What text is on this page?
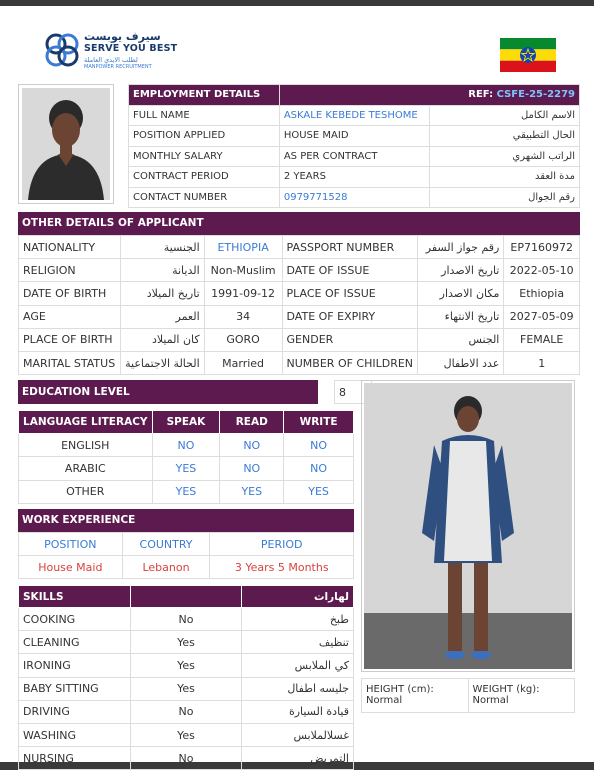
سيرف يوبست
SERVE YOU BEST
لطلب الايدي العاملة
MANPOWER RECRUITMENT
EMPLOYMENT DETAILS	REF: CSFE-25-2279	
FULL NAME	ASKALE KEBEDE TESHOME	الاسم الكامل
POSITION APPLIED	HOUSE MAID	الحال التطبيقي
MONTHLY SALARY	AS PER CONTRACT	الراتب الشهري
CONTRACT PERIOD	2 YEARS	مدة العقد
CONTACT NUMBER	0979771528	رقم الجوال
OTHER DETAILS OF APPLICANT
NATIONALITY	الجنسية	ETHIOPIA	PASSPORT NUMBER	رقم جواز السفر	EP7160972
RELIGION	الديانة	Non-Muslim	DATE OF ISSUE	تاريخ الاصدار	2022-05-10
DATE OF BIRTH	تاريخ الميلاد	1991-09-12	PLACE OF ISSUE	مكان الاصدار	Ethiopia
AGE	العمر	34	DATE OF EXPIRY	تاريخ الانتهاء	2027-05-09
PLACE OF BIRTH	كان الميلاد	GORO	GENDER	الجنس	FEMALE
MARITAL STATUS	الحالة الاجتماعية	Married	NUMBER OF CHILDREN	عدد الاطفال	1
EDUCATION LEVEL	8
LANGUAGE LITERACY	SPEAK	READ	WRITE
ENGLISH	NO	NO	NO
ARABIC	YES	NO	NO
OTHER	YES	YES	YES
WORK EXPERIENCE
POSITION	COUNTRY	PERIOD
House Maid	Lebanon	3 Years 5 Months
SKILLS		لهارات
COOKING	No	طبخ
CLEANING	Yes	تنظيف
IRONING	Yes	كي الملابس
BABY SITTING	Yes	جليسه اطفال
DRIVING	No	قيادة السيارة
WASHING	Yes	غسلالملابس
NURSING	No	التمريض
HEIGHT (cm):
Normal

WEIGHT (kg):
Normal
